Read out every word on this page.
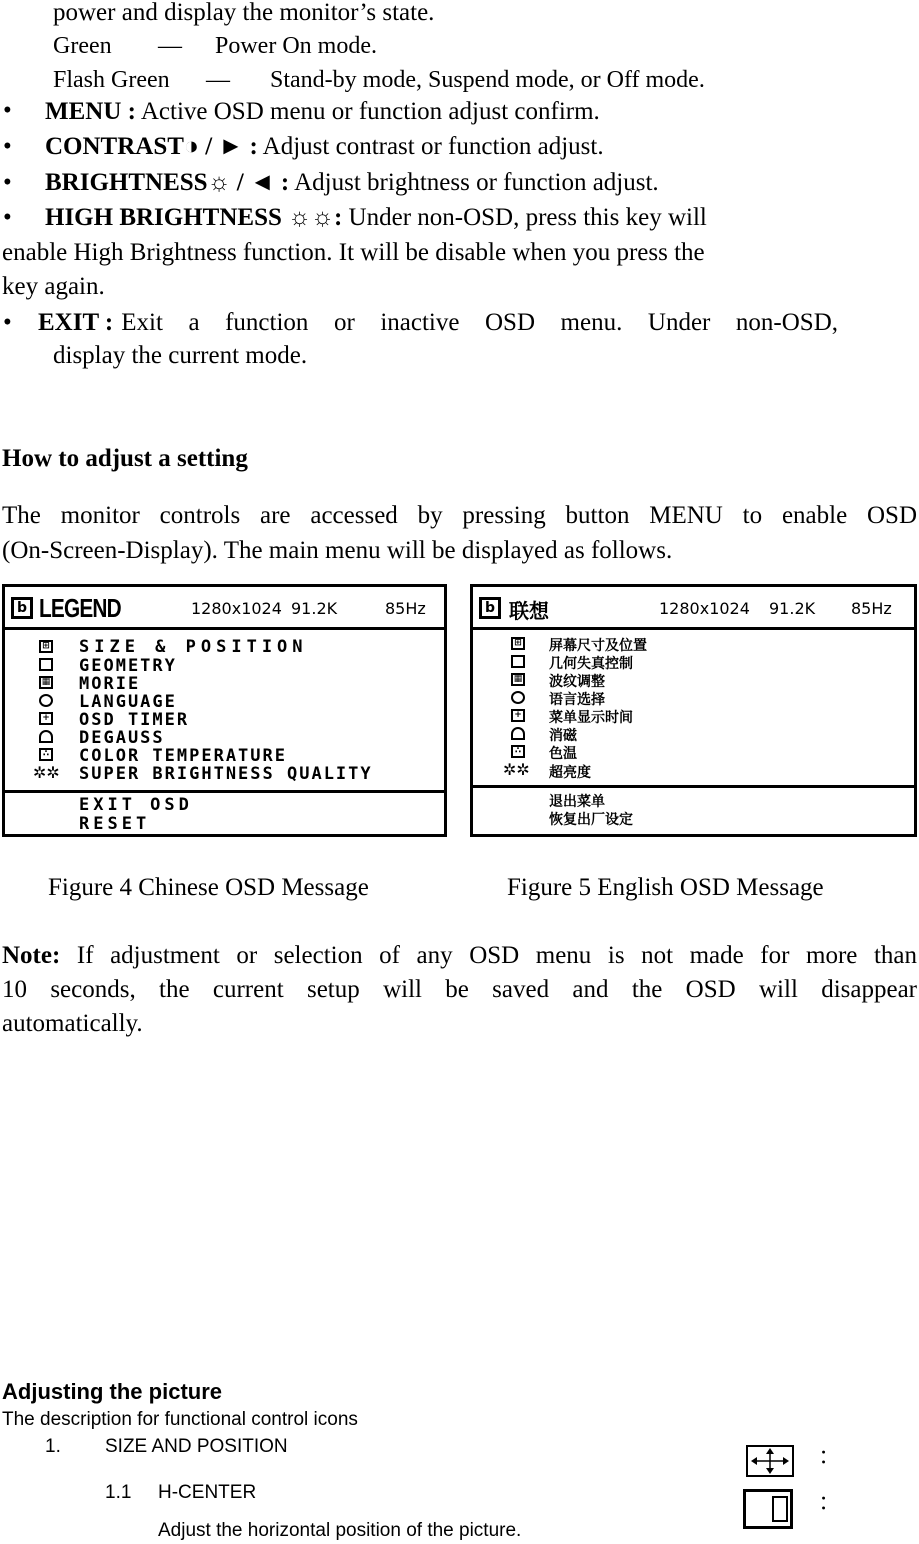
power and display the monitor’s state.
Green — Power On mode.
Flash Green — Stand-by mode, Suspend mode, or Off mode.
• MENU : Active OSD menu or function adjust confirm.
• CONTRAST◑ / ► : Adjust contrast or function adjust.
• BRIGHTNESS☼ / ◄ : Adjust brightness or function adjust.
• HIGH BRIGHTNESS ☼☼: Under non-OSD, press this key will
enable High Brightness function. It will be disable when you press the
key again.
• EXIT : Exit a function or inactive OSD menu. Under non-OSD,
display the current mode.
How to adjust a setting
The monitor controls are accessed by pressing button MENU to enable OSD
(On-Screen-Display). The main menu will be displayed as follows.
b LEGEND	1280x1024 91.2K	85Hz
⊞ SIZE & POSITION
GEOMETRY
▦ MORIE
LANGUAGE
+ OSD TIMER
DEGAUSS
∴ COLOR TEMPERATURE
✲✲ SUPER BRIGHTNESS QUALITY
EXIT OSD
RESET
b 联想	1280x1024 91.2K 85Hz
⊞ 屏幕尺寸及位置
几何失真控制
▦ 波纹调整
语言选择
+ 菜单显示时间
消磁
∴ 色温
✲✲ 超亮度
退出菜单
恢复出厂设定
Figure 4 Chinese OSD Message	Figure 5 English OSD Message
Note: If adjustment or selection of any OSD menu is not made for more than
10 seconds, the current setup will be saved and the OSD will disappear
automatically.
Adjusting the picture
The description for functional control icons
1. SIZE AND POSITION
1.1 H-CENTER
Adjust the horizontal position of the picture.
：
：
